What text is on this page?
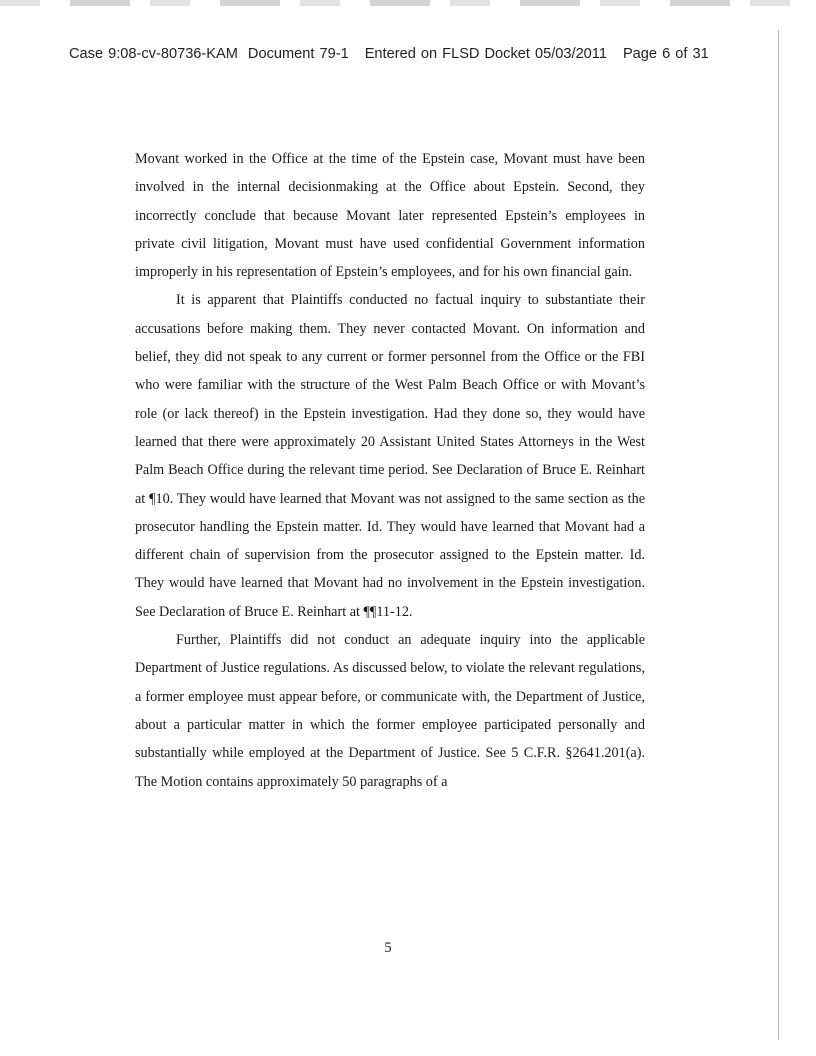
Case 9:08-cv-80736-KAM Document 79-1 Entered on FLSD Docket 05/03/2011 Page 6 of 31

Movant worked in the Office at the time of the Epstein case, Movant must have been involved in the internal decisionmaking at the Office about Epstein. Second, they incorrectly conclude that because Movant later represented Epstein’s employees in private civil litigation, Movant must have used confidential Government information improperly in his representation of Epstein’s employees, and for his own financial gain.

It is apparent that Plaintiffs conducted no factual inquiry to substantiate their accusations before making them. They never contacted Movant. On information and belief, they did not speak to any current or former personnel from the Office or the FBI who were familiar with the structure of the West Palm Beach Office or with Movant’s role (or lack thereof) in the Epstein investigation. Had they done so, they would have learned that there were approximately 20 Assistant United States Attorneys in the West Palm Beach Office during the relevant time period. See Declaration of Bruce E. Reinhart at ¶10. They would have learned that Movant was not assigned to the same section as the prosecutor handling the Epstein matter. Id. They would have learned that Movant had a different chain of supervision from the prosecutor assigned to the Epstein matter. Id. They would have learned that Movant had no involvement in the Epstein investigation. See Declaration of Bruce E. Reinhart at ¶¶11-12.

Further, Plaintiffs did not conduct an adequate inquiry into the applicable Department of Justice regulations. As discussed below, to violate the relevant regulations, a former employee must appear before, or communicate with, the Department of Justice, about a particular matter in which the former employee participated personally and substantially while employed at the Department of Justice. See 5 C.F.R. §2641.201(a). The Motion contains approximately 50 paragraphs of a

5
